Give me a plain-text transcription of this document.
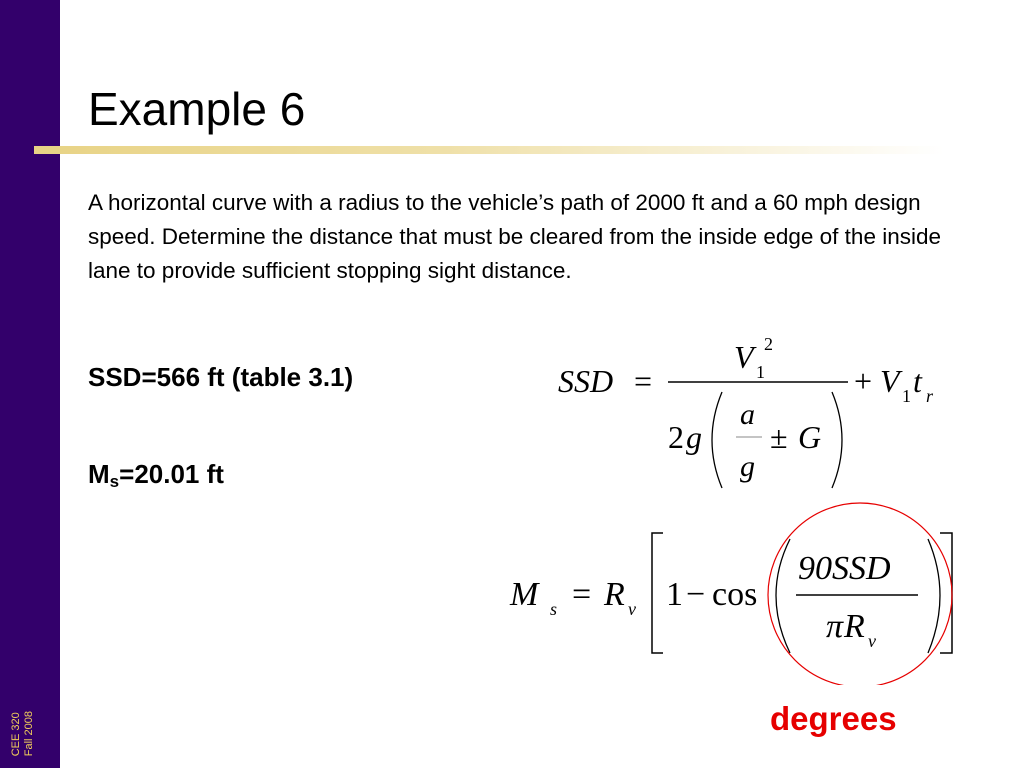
CEE 320 Fall 2008
Example 6
A horizontal curve with a radius to the vehicle’s path of 2000 ft and a 60 mph design speed. Determine the distance that must be cleared from the inside edge of the inside lane to provide sufficient stopping sight distance.
SSD=566 ft (table 3.1)
$M_s=20.01$ ft
SSD =
V 1
2
2 g
a
g
± G
+ V 1 t r
M s = R v 1 − cos
90SSD
π R v
degrees
